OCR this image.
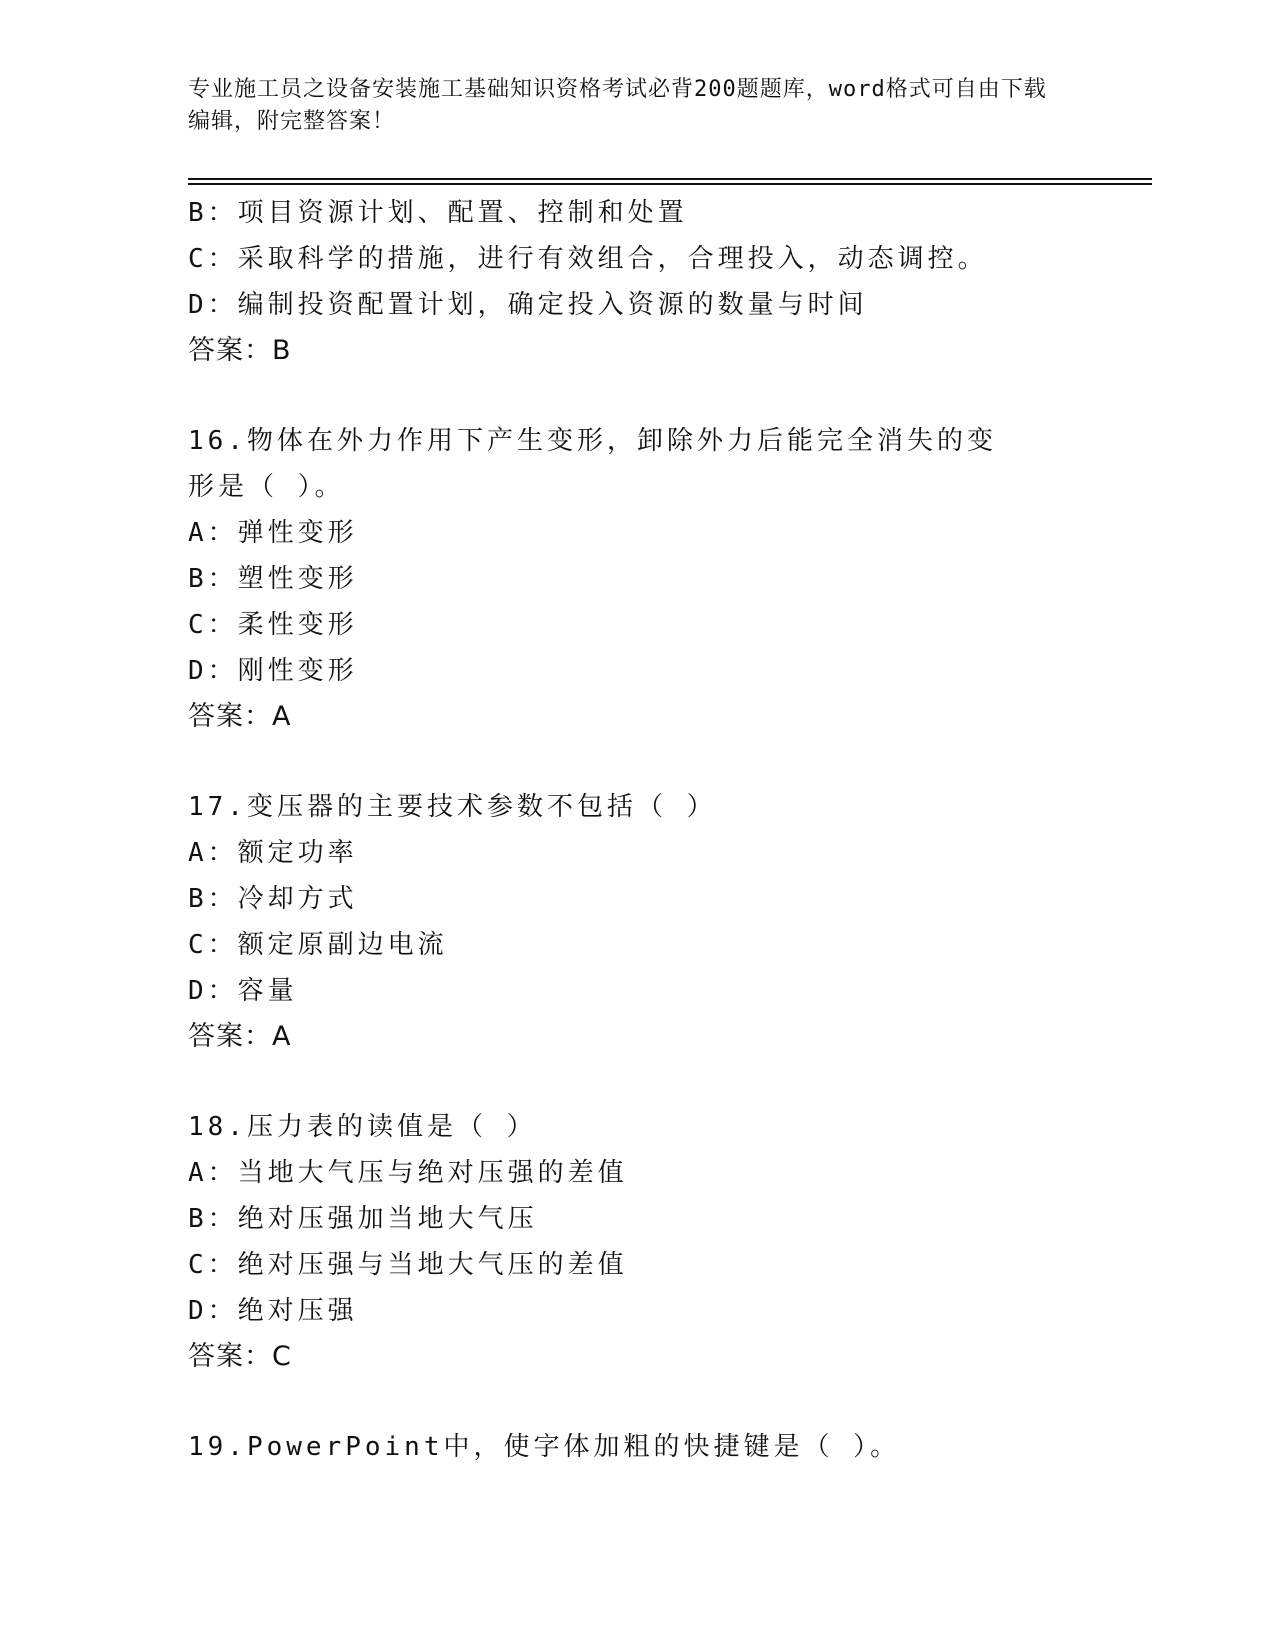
专业施工员之设备安装施工基础知识资格考试必背200题题库，word格式可自由下载编辑，附完整答案！
B：项目资源计划、配置、控制和处置
C：采取科学的措施，进行有效组合，合理投入，动态调控。
D：编制投资配置计划，确定投入资源的数量与时间
答案：B
16.物体在外力作用下产生变形，卸除外力后能完全消失的变形是（ ）。
A：弹性变形
B：塑性变形
C：柔性变形
D：刚性变形
答案：A
17.变压器的主要技术参数不包括（ ）
A：额定功率
B：冷却方式
C：额定原副边电流
D：容量
答案：A
18.压力表的读值是（ ）
A：当地大气压与绝对压强的差值
B：绝对压强加当地大气压
C：绝对压强与当地大气压的差值
D：绝对压强
答案：C
19.PowerPoint中，使字体加粗的快捷键是（ ）。
